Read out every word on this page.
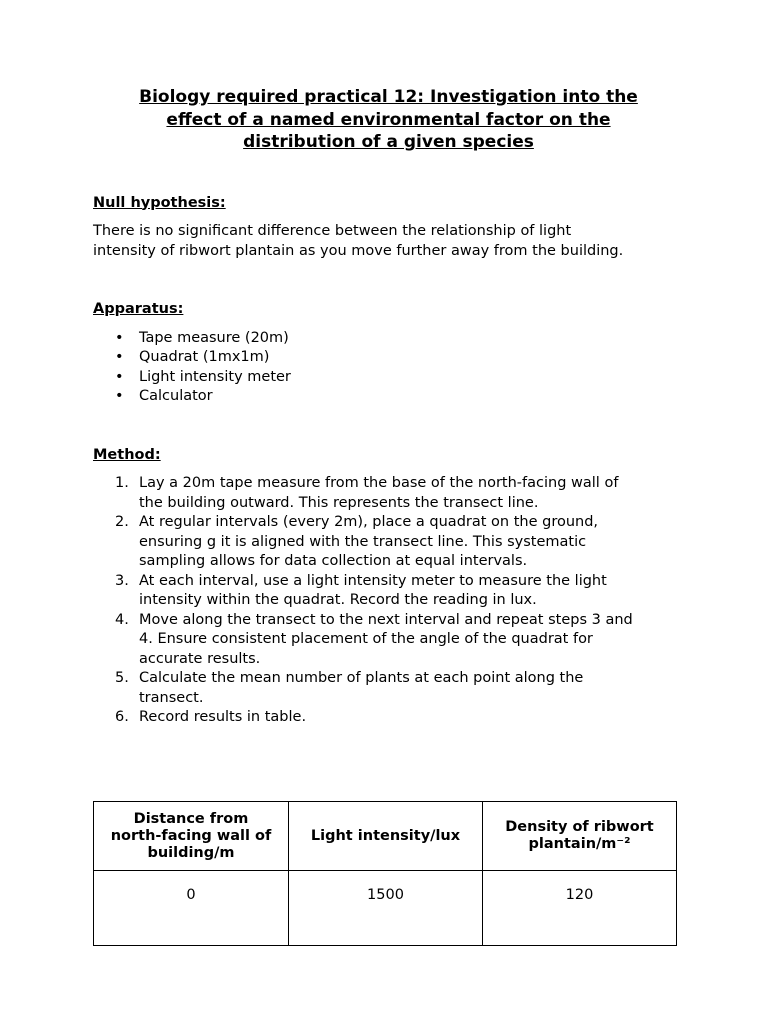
Biology required practical 12: Investigation into the
effect of a named environmental factor on the
distribution of a given species

Null hypothesis:

There is no significant difference between the relationship of light
intensity of ribwort plantain as you move further away from the building.

Apparatus:

•	Tape measure (20m)
•	Quadrat (1mx1m)
•	Light intensity meter
•	Calculator

Method:

1. Lay a 20m tape measure from the base of the north-facing wall of
the building outward. This represents the transect line.
2. At regular intervals (every 2m), place a quadrat on the ground,
ensuring g it is aligned with the transect line. This systematic
sampling allows for data collection at equal intervals.
3. At each interval, use a light intensity meter to measure the light
intensity within the quadrat. Record the reading in lux.
4. Move along the transect to the next interval and repeat steps 3 and
4. Ensure consistent placement of the angle of the quadrat for
accurate results.
5. Calculate the mean number of plants at each point along the
transect.
6. Record results in table.
Distance from
north-facing wall of
building/m	Light intensity/lux	Density of ribwort
plantain/m⁻²
0	1500	120
